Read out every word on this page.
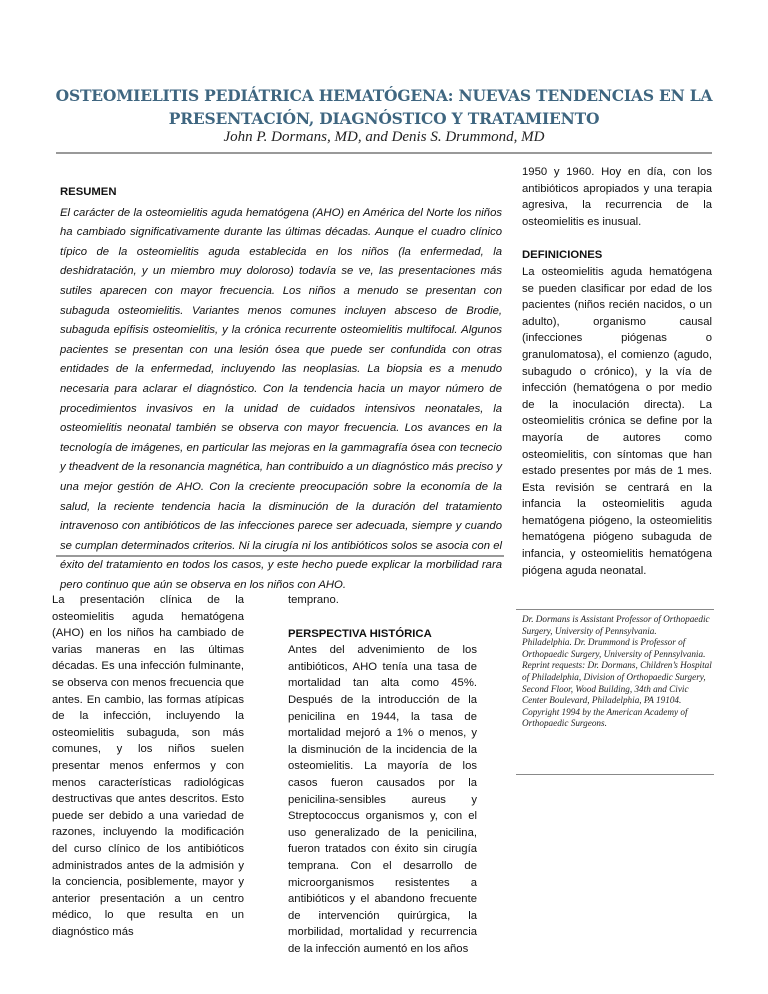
OSTEOMIELITIS PEDIÁTRICA HEMATÓGENA: NUEVAS TENDENCIAS EN LA PRESENTACIÓN, DIAGNÓSTICO Y TRATAMIENTO
John P. Dormans, MD, and Denis S. Drummond, MD
RESUMEN
El carácter de la osteomielitis aguda hematógena (AHO) en América del Norte los niños ha cambiado significativamente durante las últimas décadas. Aunque el cuadro clínico típico de la osteomielitis aguda establecida en los niños (la enfermedad, la deshidratación, y un miembro muy doloroso) todavía se ve, las presentaciones más sutiles aparecen con mayor frecuencia. Los niños a menudo se presentan con subaguda osteomielitis. Variantes menos comunes incluyen absceso de Brodie, subaguda epífisis osteomielitis, y la crónica recurrente osteomielitis multifocal. Algunos pacientes se presentan con una lesión ósea que puede ser confundida con otras entidades de la enfermedad, incluyendo las neoplasias. La biopsia es a menudo necesaria para aclarar el diagnóstico. Con la tendencia hacia un mayor número de procedimientos invasivos en la unidad de cuidados intensivos neonatales, la osteomielitis neonatal también se observa con mayor frecuencia. Los avances en la tecnología de imágenes, en particular las mejoras en la gammagrafía ósea con tecnecio y theadvent de la resonancia magnética, han contribuido a un diagnóstico más preciso y una mejor gestión de AHO. Con la creciente preocupación sobre la economía de la salud, la reciente tendencia hacia la disminución de la duración del tratamiento intravenoso con antibióticos de las infecciones parece ser adecuada, siempre y cuando se cumplan determinados criterios. Ni la cirugía ni los antibióticos solos se asocia con el éxito del tratamiento en todos los casos, y este hecho puede explicar la morbilidad rara pero continuo que aún se observa en los niños con AHO.
1950 y 1960. Hoy en día, con los antibióticos apropiados y una terapia agresiva, la recurrencia de la osteomielitis es inusual.
DEFINICIONES
La osteomielitis aguda hematógena se pueden clasificar por edad de los pacientes (niños recién nacidos, o un adulto), organismo causal (infecciones piógenas o granulomatosa), el comienzo (agudo, subagudo o crónico), y la vía de infección (hematógena o por medio de la inoculación directa). La osteomielitis crónica se define por la mayoría de autores como osteomielitis, con síntomas que han estado presentes por más de 1 mes. Esta revisión se centrará en la infancia la osteomielitis aguda hematógena piógeno, la osteomielitis hematógena piógeno subaguda de infancia, y osteomielitis hematógena piógena aguda neonatal.
La presentación clínica de la osteomielitis aguda hematógena (AHO) en los niños ha cambiado de varias maneras en las últimas décadas. Es una infección fulminante, se observa con menos frecuencia que antes. En cambio, las formas atípicas de la infección, incluyendo la osteomielitis subaguda, son más comunes, y los niños suelen presentar menos enfermos y con menos características radiológicas destructivas que antes descritos. Esto puede ser debido a una variedad de razones, incluyendo la modificación del curso clínico de los antibióticos administrados antes de la admisión y la conciencia, posiblemente, mayor y anterior presentación a un centro médico, lo que resulta en un diagnóstico más
temprano.
PERSPECTIVA HISTÓRICA
Antes del advenimiento de los antibióticos, AHO tenía una tasa de mortalidad tan alta como 45%. Después de la introducción de la penicilina en 1944, la tasa de mortalidad mejoró a 1% o menos, y la disminución de la incidencia de la osteomielitis. La mayoría de los casos fueron causados por la penicilina-sensibles aureus y Streptococcus organismos y, con el uso generalizado de la penicilina, fueron tratados con éxito sin cirugía temprana. Con el desarrollo de microorganismos resistentes a antibióticos y el abandono frecuente de intervención quirúrgica, la morbilidad, mortalidad y recurrencia de la infección aumentó en los años
Dr. Dormans is Assistant Professor of Orthopaedic Surgery, University of Pennsylvania.
Philadelphia. Dr. Drummond is Professor of Orthopaedic Surgery, University of Pennsylvania.
Reprint requests: Dr. Dormans, Children’s Hospital of Philadelphia, Division of Orthopaedic Surgery, Second Floor, Wood Building, 34th and Civic Center Boulevard, Philadelphia, PA 19104.
Copyright 1994 by the American Academy of Orthopaedic Surgeons.
